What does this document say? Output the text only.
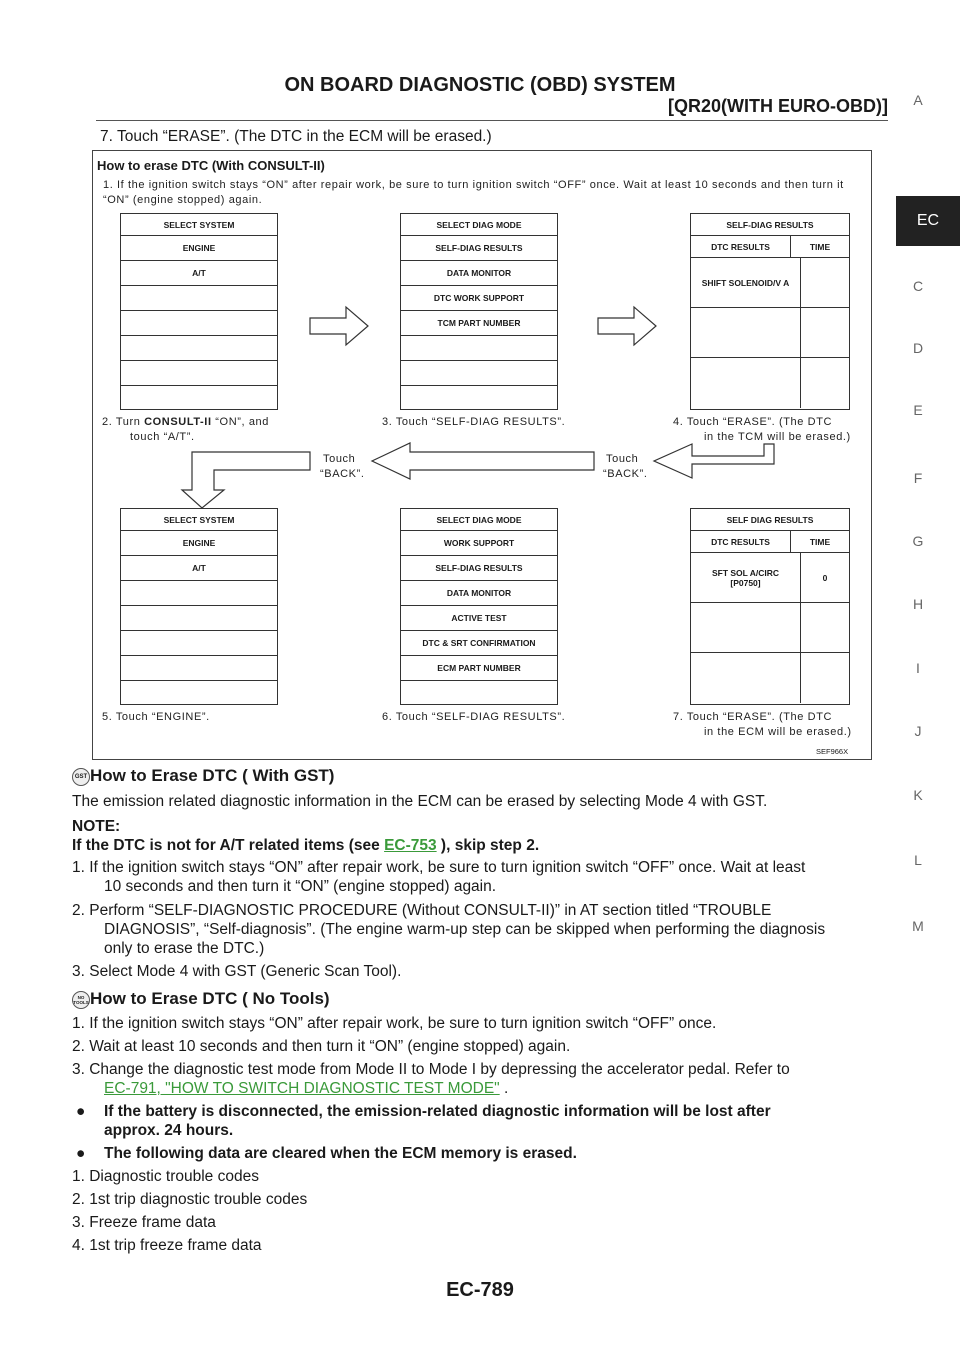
ON BOARD DIAGNOSTIC (OBD) SYSTEM
[QR20(WITH EURO-OBD)]	A
EC
C
D
E
F
G
H
I
J
K
L
M
7. Touch “ERASE”. (The DTC in the ECM will be erased.)
How to erase DTC (With CONSULT-II)
1. If the ignition switch stays “ON” after repair work, be sure to turn ignition switch “OFF” once. Wait at least 10 seconds and then turn it “ON” (engine stopped) again.
SELECT SYSTEM
ENGINE
A/T
SELECT DIAG MODE
SELF-DIAG RESULTS
DATA MONITOR
DTC WORK SUPPORT
TCM PART NUMBER
SELF-DIAG RESULTS
DTC RESULTS	TIME
SHIFT SOLENOID/V A
2. Turn CONSULT-II “ON”, and
touch “A/T”.
3. Touch “SELF-DIAG RESULTS”.	4. Touch “ERASE”. (The DTC
in the TCM will be erased.)
Touch
“BACK”.
Touch
“BACK”.
SELECT SYSTEM
ENGINE
A/T
SELECT DIAG MODE
WORK SUPPORT
SELF-DIAG RESULTS
DATA MONITOR
ACTIVE TEST
DTC & SRT CONFIRMATION
ECM PART NUMBER
SELF DIAG RESULTS
DTC RESULTS	TIME
SFT SOL A/CIRC
[P0750]	0
5. Touch “ENGINE”.	6. Touch “SELF-DIAG RESULTS”.	7. Touch “ERASE”. (The DTC
in the ECM will be erased.)
SEF966X
GST How to Erase DTC ( With GST)
The emission related diagnostic information in the ECM can be erased by selecting Mode 4 with GST.
NOTE:
If the DTC is not for A/T related items (see EC-753 ), skip step 2.
1. If the ignition switch stays “ON” after repair work, be sure to turn ignition switch “OFF” once. Wait at least
10 seconds and then turn it “ON” (engine stopped) again.
2. Perform “SELF-DIAGNOSTIC PROCEDURE (Without CONSULT-II)” in AT section titled “TROUBLE
DIAGNOSIS”, “Self-diagnosis”. (The engine warm-up step can be skipped when performing the diagnosis
only to erase the DTC.)
3. Select Mode 4 with GST (Generic Scan Tool).
NO TOOLS How to Erase DTC ( No Tools)
1. If the ignition switch stays “ON” after repair work, be sure to turn ignition switch “OFF” once.
2. Wait at least 10 seconds and then turn it “ON” (engine stopped) again.
3. Change the diagnostic test mode from Mode II to Mode I by depressing the accelerator pedal. Refer to
EC-791, "HOW TO SWITCH DIAGNOSTIC TEST MODE" .
● If the battery is disconnected, the emission-related diagnostic information will be lost after
approx. 24 hours.
● The following data are cleared when the ECM memory is erased.
1. Diagnostic trouble codes
2. 1st trip diagnostic trouble codes
3. Freeze frame data
4. 1st trip freeze frame data
EC-789
